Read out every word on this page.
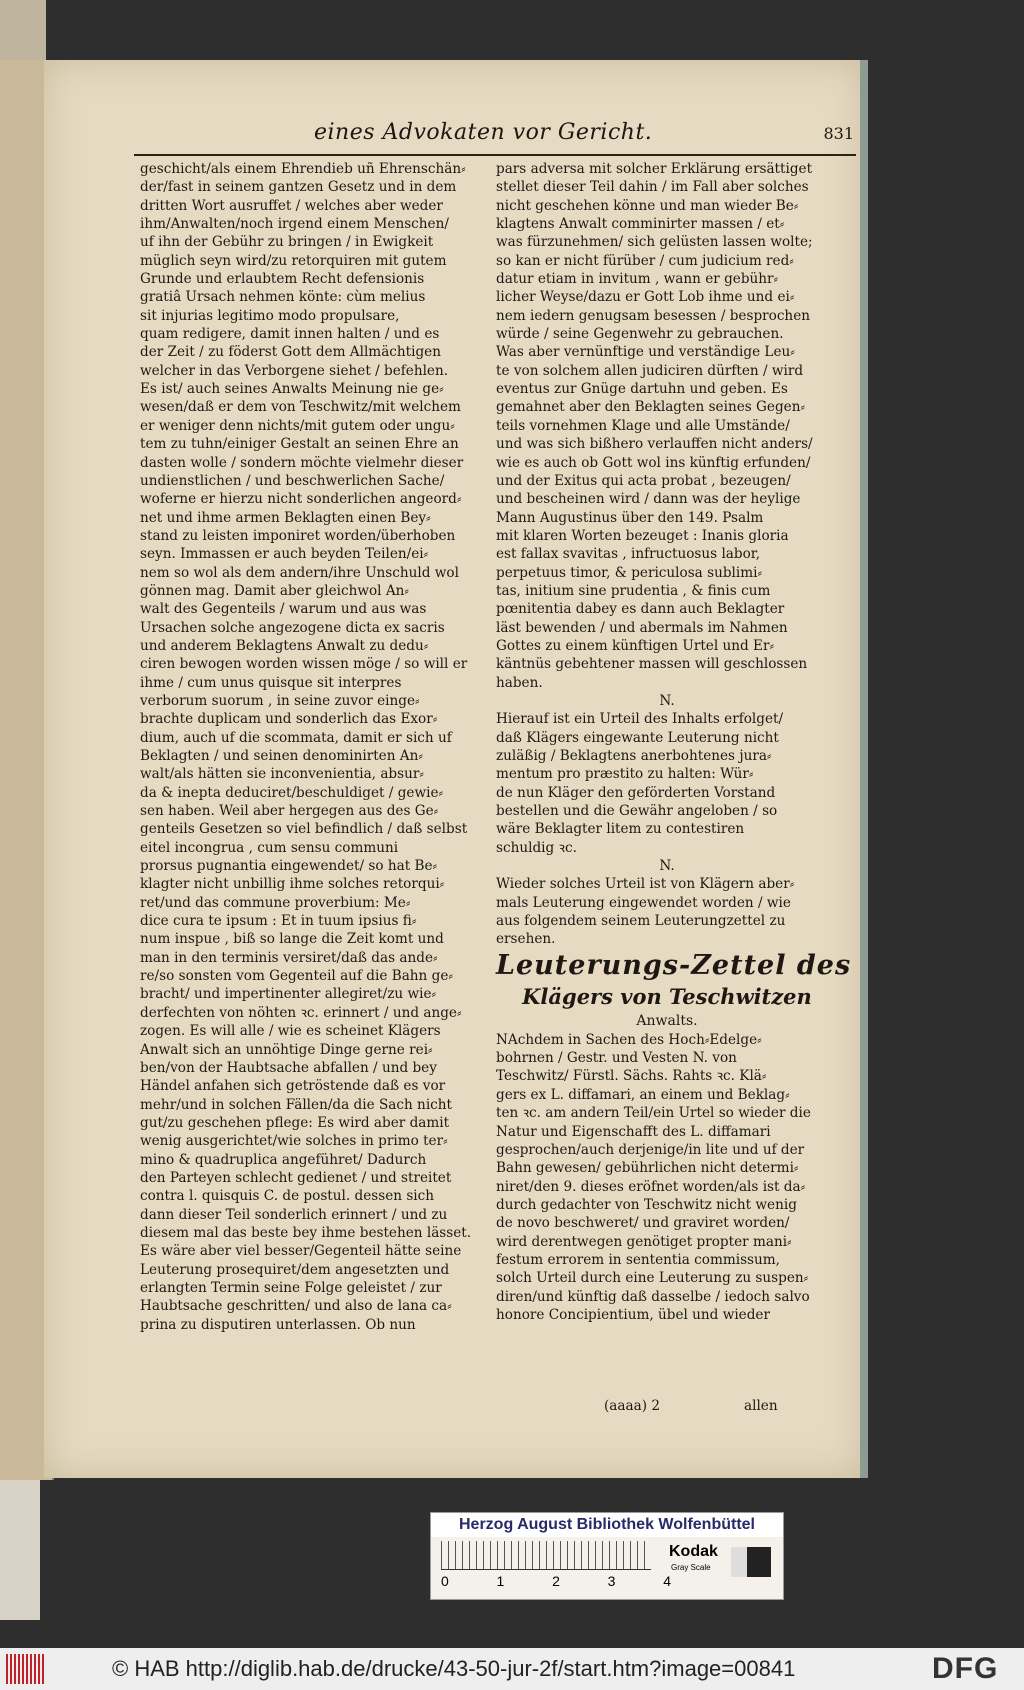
eines Advokaten vor Gericht.	831

geschicht/als einem Ehrendieb uñ Ehrenschän⸗

der/fast in seinem gantzen Gesetz und in dem

dritten Wort ausruffet / welches aber weder

ihm/Anwalten/noch irgend einem Menschen/

uf ihn der Gebühr zu bringen / in Ewigkeit

müglich seyn wird/zu retorquiren mit gutem

Grunde und erlaubtem Recht defensionis

gratiâ Ursach nehmen könte: cùm melius

sit injurias legitimo modo propulsare,

quam redigere, damit innen halten / und es

der Zeit / zu föderst Gott dem Allmächtigen

welcher in das Verborgene siehet / befehlen.

Es ist/ auch seines Anwalts Meinung nie ge⸗

wesen/daß er dem von Teschwitz/mit welchem

er weniger denn nichts/mit gutem oder ungu⸗

tem zu tuhn/einiger Gestalt an seinen Ehre an

dasten wolle / sondern möchte vielmehr dieser

undienstlichen / und beschwerlichen Sache/

woferne er hierzu nicht sonderlichen angeord⸗

net und ihme armen Beklagten einen Bey⸗

stand zu leisten imponiret worden/überhoben

seyn. Immassen er auch beyden Teilen/ei⸗

nem so wol als dem andern/ihre Unschuld wol

gönnen mag. Damit aber gleichwol An⸗

walt des Gegenteils / warum und aus was

Ursachen solche angezogene dicta ex sacris

und anderem Beklagtens Anwalt zu dedu⸗

ciren bewogen worden wissen möge / so will er

ihme / cum unus quisque sit interpres

verborum suorum , in seine zuvor einge⸗

brachte duplicam und sonderlich das Exor⸗

dium, auch uf die scommata, damit er sich uf

Beklagten / und seinen denominirten An⸗

walt/als hätten sie inconvenientia, absur⸗

da & inepta deduciret/beschuldiget / gewie⸗

sen haben. Weil aber hergegen aus des Ge⸗

genteils Gesetzen so viel befindlich / daß selbst

eitel incongrua , cum sensu communi

prorsus pugnantia eingewendet/ so hat Be⸗

klagter nicht unbillig ihme solches retorqui⸗

ret/und das commune proverbium: Me⸗

dice cura te ipsum : Et in tuum ipsius fi⸗

num inspue , biß so lange die Zeit komt und

man in den terminis versiret/daß das ande⸗

re/so sonsten vom Gegenteil auf die Bahn ge⸗

bracht/ und impertinenter allegiret/zu wie⸗

derfechten von nöhten ꝛc. erinnert / und ange⸗

zogen. Es will alle / wie es scheinet Klägers

Anwalt sich an unnöhtige Dinge gerne rei⸗

ben/von der Haubtsache abfallen / und bey

Händel anfahen sich getröstende daß es vor

mehr/und in solchen Fällen/da die Sach nicht

gut/zu geschehen pflege: Es wird aber damit

wenig ausgerichtet/wie solches in primo ter⸗

mino & quadruplica angeführet/ Dadurch

den Parteyen schlecht gedienet / und streitet

contra l. quisquis C. de postul. dessen sich

dann dieser Teil sonderlich erinnert / und zu

diesem mal das beste bey ihme bestehen lässet.

Es wäre aber viel besser/Gegenteil hätte seine

Leuterung prosequiret/dem angesetzten und

erlangten Termin seine Folge geleistet / zur

Haubtsache geschritten/ und also de lana ca⸗

prina zu disputiren unterlassen. Ob nun

pars adversa mit solcher Erklärung ersättiget

stellet dieser Teil dahin / im Fall aber solches

nicht geschehen könne und man wieder Be⸗

klagtens Anwalt comminirter massen / et⸗

was fürzunehmen/ sich gelüsten lassen wolte;

so kan er nicht fürüber / cum judicium red⸗

datur etiam in invitum , wann er gebühr⸗

licher Weyse/dazu er Gott Lob ihme und ei⸗

nem iedern genugsam besessen / besprochen

würde / seine Gegenwehr zu gebrauchen.

Was aber vernünftige und verständige Leu⸗

te von solchem allen judiciren dürften / wird

eventus zur Gnüge dartuhn und geben. Es

gemahnet aber den Beklagten seines Gegen⸗

teils vornehmen Klage und alle Umstände/

und was sich bißhero verlauffen nicht anders/

wie es auch ob Gott wol ins künftig erfunden/

und der Exitus qui acta probat , bezeugen/

und bescheinen wird / dann was der heylige

Mann Augustinus über den 149. Psalm

mit klaren Worten bezeuget : Inanis gloria

est fallax svavitas , infructuosus labor,

perpetuus timor, & periculosa sublimi⸗

tas, initium sine prudentia , & finis cum

pœnitentia dabey es dann auch Beklagter

läst bewenden / und abermals im Nahmen

Gottes zu einem künftigen Urtel und Er⸗

käntnüs gebehtener massen will geschlossen

haben.

N.

Hierauf ist ein Urteil des Inhalts erfolget/

daß Klägers eingewante Leuterung nicht

zuläßig / Beklagtens anerbohtenes jura⸗

mentum pro præstito zu halten: Wür⸗

de nun Kläger den geförderten Vorstand

bestellen und die Gewähr angeloben / so

wäre Beklagter litem zu contestiren

schuldig ꝛc.

N.

Wieder solches Urteil ist von Klägern aber⸗

mals Leuterung eingewendet worden / wie

aus folgendem seinem Leuterungzettel zu

ersehen.

Leuterungs-Zettel des

Klägers von Teschwitzen

Anwalts.

NAchdem in Sachen des Hoch⸗Edelge⸗

bohrnen / Gestr. und Vesten N. von

Teschwitz/ Fürstl. Sächs. Rahts ꝛc. Klä⸗

gers ex L. diffamari, an einem und Beklag⸗

ten ꝛc. am andern Teil/ein Urtel so wieder die

Natur und Eigenschafft des L. diffamari

gesprochen/auch derjenige/in lite und uf der

Bahn gewesen/ gebührlichen nicht determi⸗

niret/den 9. dieses eröfnet worden/als ist da⸗

durch gedachter von Teschwitz nicht wenig

de novo beschweret/ und graviret worden/

wird derentwegen genötiget propter mani⸗

festum errorem in sententia commissum,

solch Urteil durch eine Leuterung zu suspen⸗

diren/und künftig daß dasselbe / iedoch salvo

honore Concipientium, übel und wieder

(aaaa) 2	allen
Herzog August Bibliothek Wolfenbüttel
0	1	2	3	4
Kodak
Gray Scale
© HAB http://diglib.hab.de/drucke/43-50-jur-2f/start.htm?image=00841	DFG
